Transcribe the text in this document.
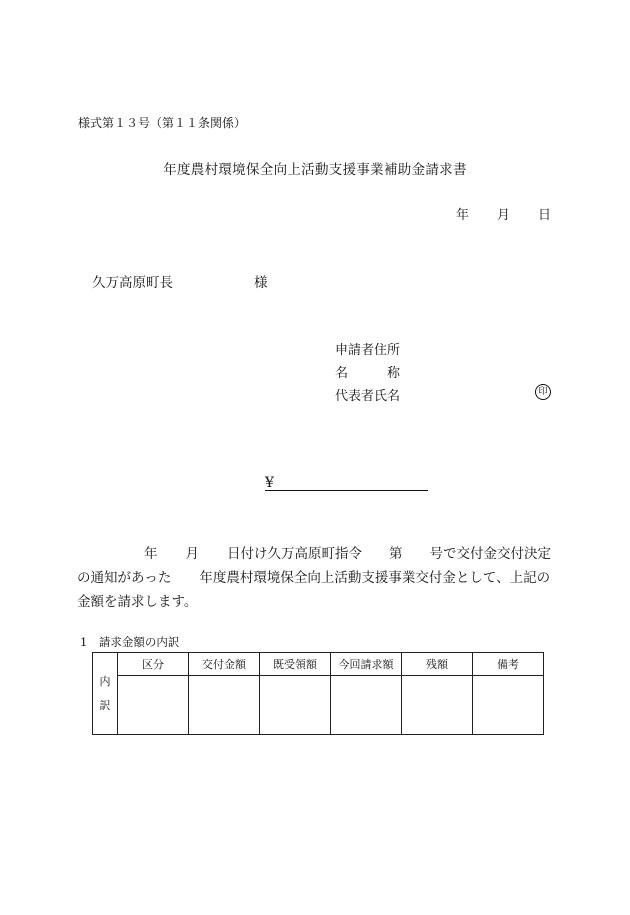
様式第１３号（第１１条関係）
年度農村環境保全向上活動支援事業補助金請求書
年 月 日
久万高原町長	様
申請者住所
名	称
代表者氏名	印
¥
年 月 日付け久万高原町指令 第 号で交付金交付決定
の通知があった 年度農村環境保全向上活動支援事業交付金として、上記の
金額を請求します。
1　請求金額の内訳
内
訳	区分	交付金額	既受領額	今回請求額	残額	備考
